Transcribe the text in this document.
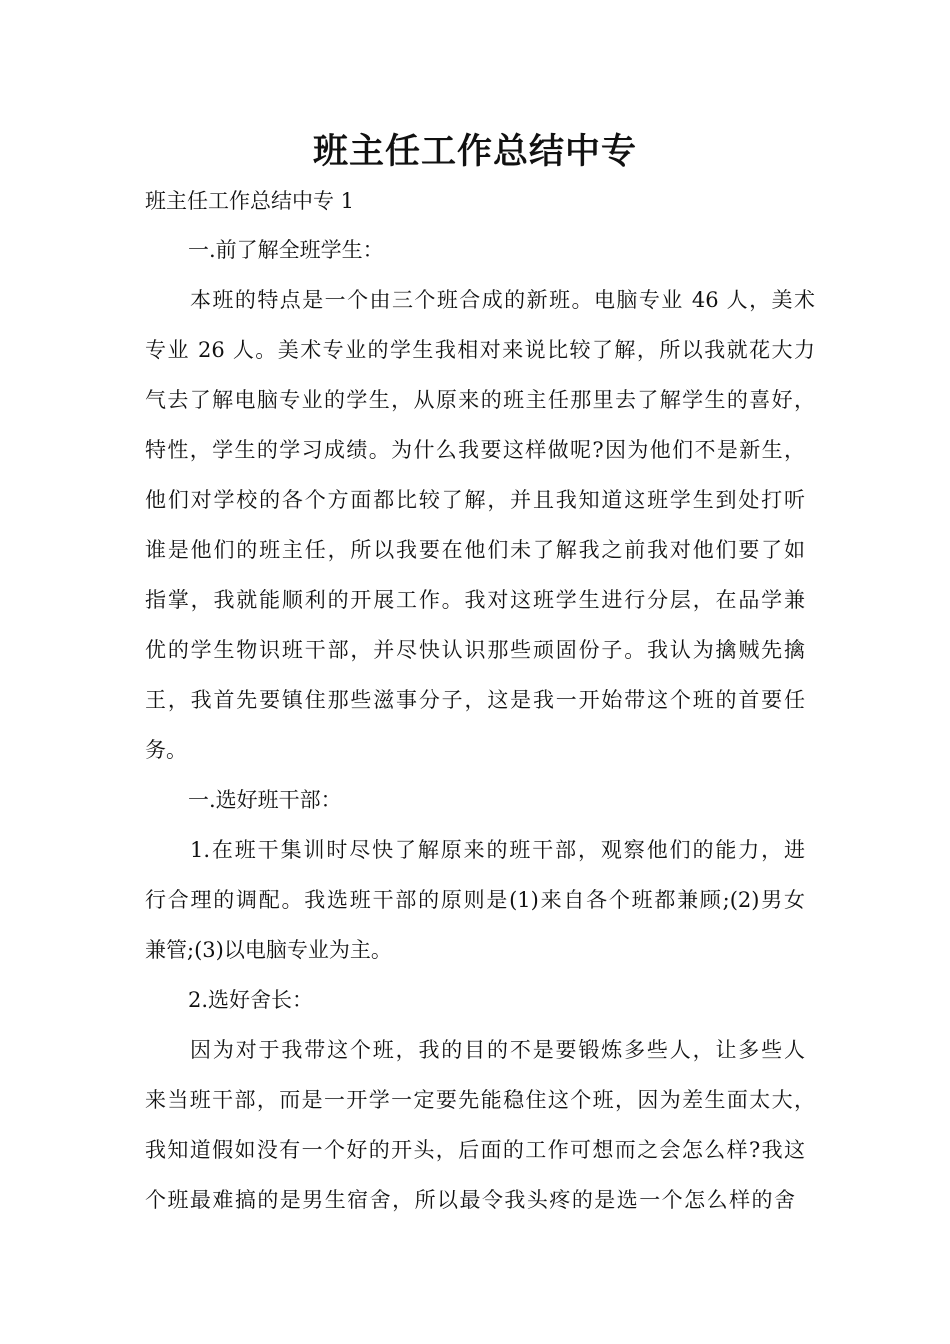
班主任工作总结中专
班主任工作总结中专 1
一.前了解全班学生：
本班的特点是一个由三个班合成的新班。电脑专业 46 人，美术
专业 26 人。美术专业的学生我相对来说比较了解，所以我就花大力
气去了解电脑专业的学生，从原来的班主任那里去了解学生的喜好，
特性，学生的学习成绩。为什么我要这样做呢?因为他们不是新生，
他们对学校的各个方面都比较了解，并且我知道这班学生到处打听
谁是他们的班主任，所以我要在他们未了解我之前我对他们要了如
指掌，我就能顺利的开展工作。我对这班学生进行分层，在品学兼
优的学生物识班干部，并尽快认识那些顽固份子。我认为擒贼先擒
王，我首先要镇住那些滋事分子，这是我一开始带这个班的首要任
务。
一.选好班干部：
1.在班干集训时尽快了解原来的班干部，观察他们的能力，进
行合理的调配。我选班干部的原则是(1)来自各个班都兼顾;(2)男女
兼管;(3)以电脑专业为主。
2.选好舍长：
因为对于我带这个班，我的目的不是要锻炼多些人，让多些人
来当班干部，而是一开学一定要先能稳住这个班，因为差生面太大，
我知道假如没有一个好的开头，后面的工作可想而之会怎么样?我这
个班最难搞的是男生宿舍，所以最令我头疼的是选一个怎么样的舍
